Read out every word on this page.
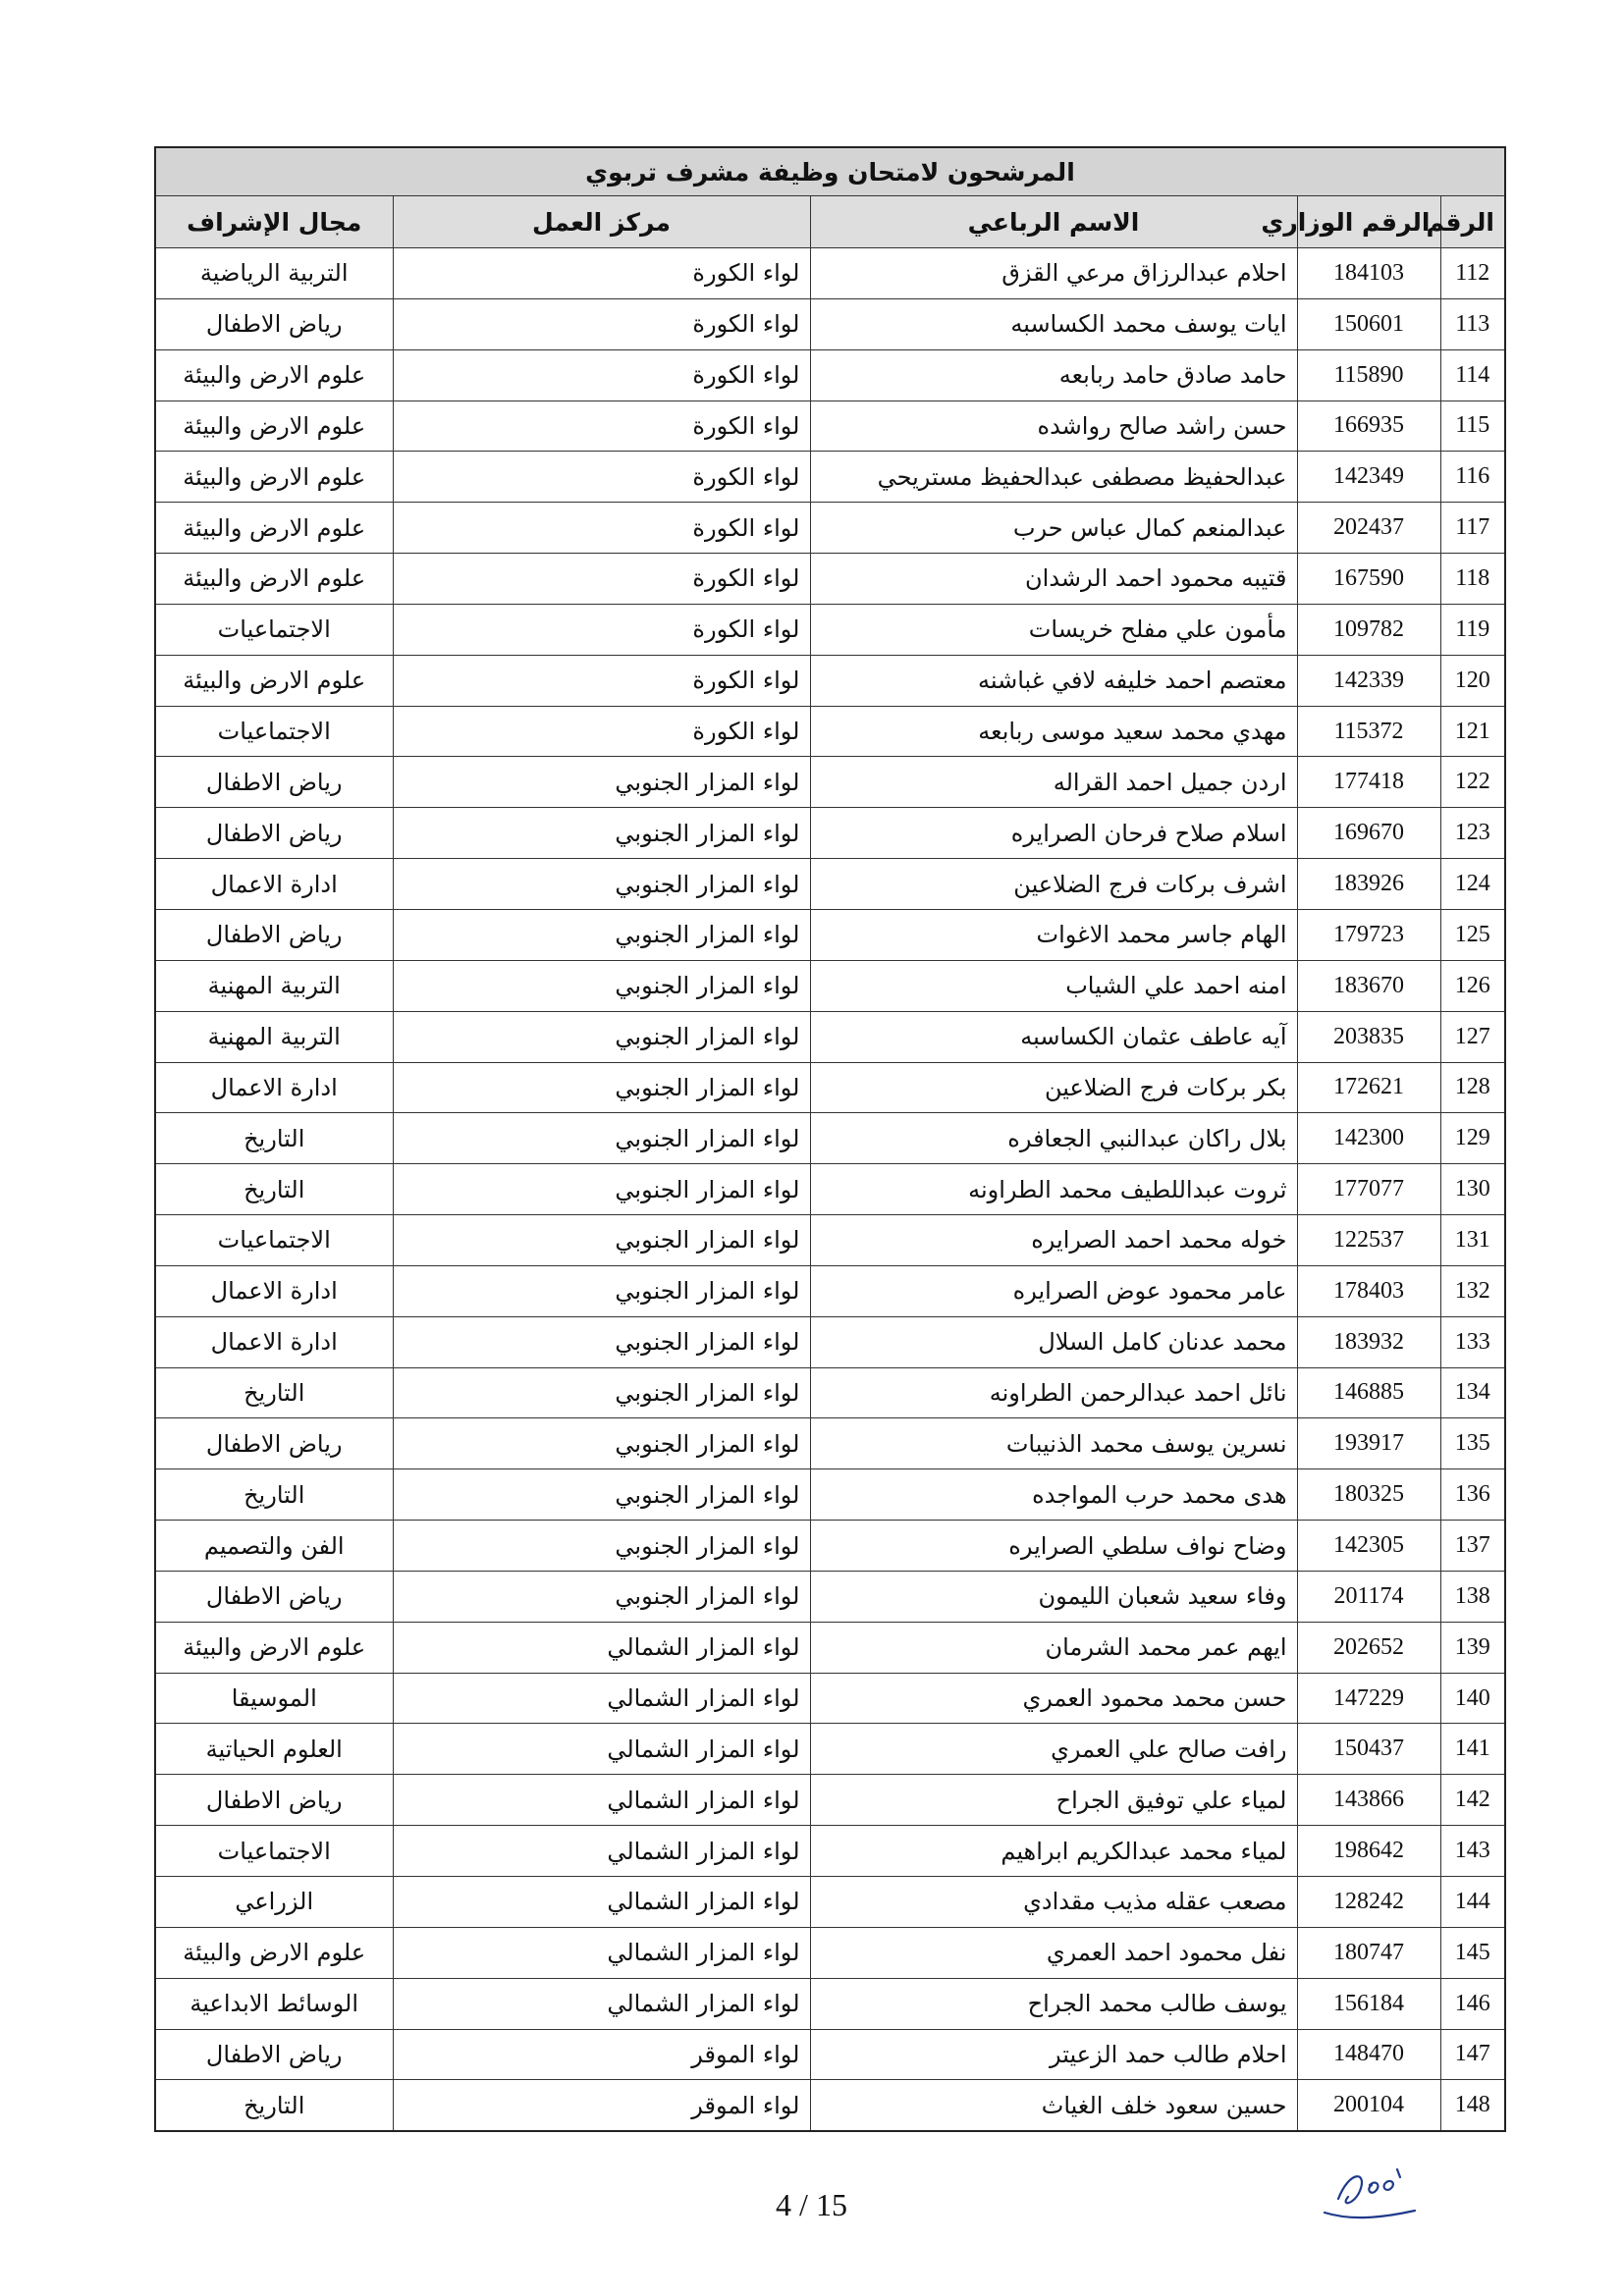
المرشحون لامتحان وظيفة مشرف تربوي				
الرقم	الرقم الوزاري	الاسم الرباعي	مركز العمل	مجال الإشراف
112	184103	احلام عبدالرزاق مرعي القزق	لواء الكورة	التربية الرياضية
113	150601	ايات يوسف محمد الكساسبه	لواء الكورة	رياض الاطفال
114	115890	حامد صادق حامد ربابعه	لواء الكورة	علوم الارض والبيئة
115	166935	حسن راشد صالح رواشده	لواء الكورة	علوم الارض والبيئة
116	142349	عبدالحفيظ مصطفى عبدالحفيظ مستريحي	لواء الكورة	علوم الارض والبيئة
117	202437	عبدالمنعم كمال عباس حرب	لواء الكورة	علوم الارض والبيئة
118	167590	قتيبه محمود احمد الرشدان	لواء الكورة	علوم الارض والبيئة
119	109782	مأمون علي مفلح خريسات	لواء الكورة	الاجتماعيات
120	142339	معتصم احمد خليفه لافي غباشنه	لواء الكورة	علوم الارض والبيئة
121	115372	مهدي محمد سعيد موسى ربابعه	لواء الكورة	الاجتماعيات
122	177418	اردن جميل احمد القراله	لواء المزار الجنوبي	رياض الاطفال
123	169670	اسلام صلاح فرحان الصرايره	لواء المزار الجنوبي	رياض الاطفال
124	183926	اشرف بركات فرج الضلاعين	لواء المزار الجنوبي	ادارة الاعمال
125	179723	الهام جاسر محمد الاغوات	لواء المزار الجنوبي	رياض الاطفال
126	183670	امنه احمد علي الشياب	لواء المزار الجنوبي	التربية المهنية
127	203835	آيه عاطف عثمان الكساسبه	لواء المزار الجنوبي	التربية المهنية
128	172621	بكر بركات فرج الضلاعين	لواء المزار الجنوبي	ادارة الاعمال
129	142300	بلال راكان عبدالنبي الجعافره	لواء المزار الجنوبي	التاريخ
130	177077	ثروت عبداللطيف محمد الطراونه	لواء المزار الجنوبي	التاريخ
131	122537	خوله محمد احمد الصرايره	لواء المزار الجنوبي	الاجتماعيات
132	178403	عامر محمود عوض الصرايره	لواء المزار الجنوبي	ادارة الاعمال
133	183932	محمد عدنان كامل السلال	لواء المزار الجنوبي	ادارة الاعمال
134	146885	نائل احمد عبدالرحمن الطراونه	لواء المزار الجنوبي	التاريخ
135	193917	نسرين يوسف محمد الذنيبات	لواء المزار الجنوبي	رياض الاطفال
136	180325	هدى محمد حرب المواجده	لواء المزار الجنوبي	التاريخ
137	142305	وضاح نواف سلطي الصرايره	لواء المزار الجنوبي	الفن والتصميم
138	201174	وفاء سعيد شعبان الليمون	لواء المزار الجنوبي	رياض الاطفال
139	202652	ايهم عمر محمد الشرمان	لواء المزار الشمالي	علوم الارض والبيئة
140	147229	حسن محمد محمود العمري	لواء المزار الشمالي	الموسيقا
141	150437	رافت صالح علي العمري	لواء المزار الشمالي	العلوم الحياتية
142	143866	لمياء علي توفيق الجراح	لواء المزار الشمالي	رياض الاطفال
143	198642	لمياء محمد عبدالكريم ابراهيم	لواء المزار الشمالي	الاجتماعيات
144	128242	مصعب عقله مذيب مقدادي	لواء المزار الشمالي	الزراعي
145	180747	نفل محمود احمد العمري	لواء المزار الشمالي	علوم الارض والبيئة
146	156184	يوسف طالب محمد الجراح	لواء المزار الشمالي	الوسائط الابداعية
147	148470	احلام طالب حمد الزعيتر	لواء الموقر	رياض الاطفال
148	200104	حسين سعود خلف الغياث	لواء الموقر	التاريخ
4 / 15
